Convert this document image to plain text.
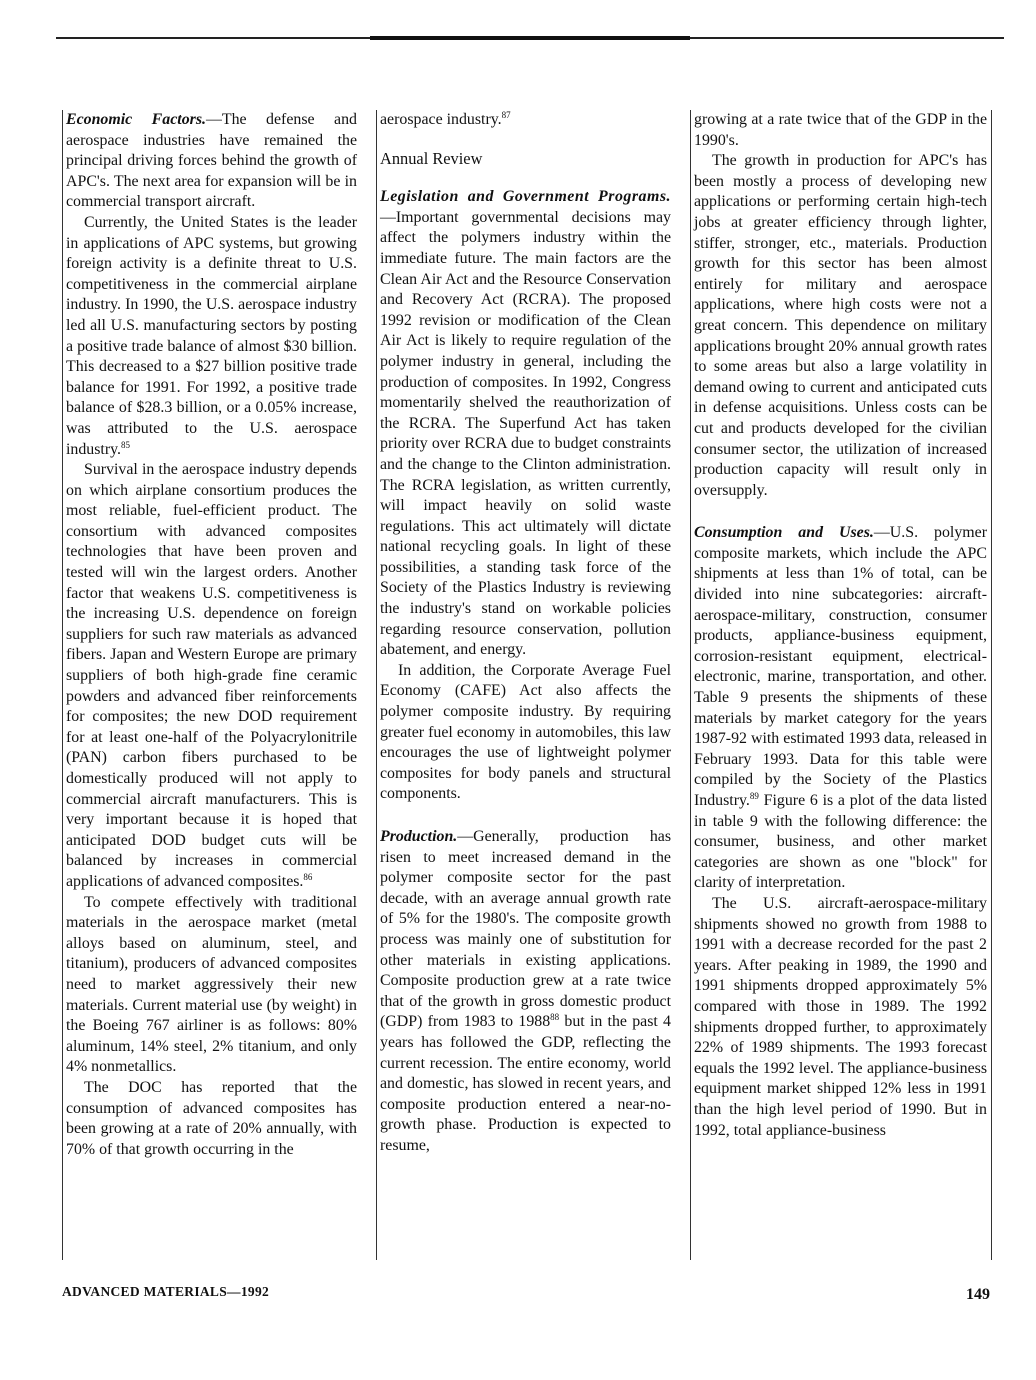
Economic Factors.—The defense and aerospace industries have remained the principal driving forces behind the growth of APC's. The next area for expansion will be in commercial transport aircraft.

Currently, the United States is the leader in applications of APC systems, but growing foreign activity is a definite threat to U.S. competitiveness in the commercial airplane industry. In 1990, the U.S. aerospace industry led all U.S. manufacturing sectors by posting a positive trade balance of almost $30 billion. This decreased to a $27 billion positive trade balance for 1991. For 1992, a positive trade balance of $28.3 billion, or a 0.05% increase, was attributed to the U.S. aerospace industry.$^{85}$

Survival in the aerospace industry depends on which airplane consortium produces the most reliable, fuel-efficient product. The consortium with advanced composites technologies that have been proven and tested will win the largest orders. Another factor that weakens U.S. competitiveness is the increasing U.S. dependence on foreign suppliers for such raw materials as advanced fibers. Japan and Western Europe are primary suppliers of both high-grade fine ceramic powders and advanced fiber reinforcements for composites; the new DOD requirement for at least one-half of the Polyacrylonitrile (PAN) carbon fibers purchased to be domestically produced will not apply to commercial aircraft manufacturers. This is very important because it is hoped that anticipated DOD budget cuts will be balanced by increases in commercial applications of advanced composites.$^{86}$

To compete effectively with traditional materials in the aerospace market (metal alloys based on aluminum, steel, and titanium), producers of advanced composites need to market aggressively their new materials. Current material use (by weight) in the Boeing 767 airliner is as follows: 80% aluminum, 14% steel, 2% titanium, and only 4% nonmetallics.

The DOC has reported that the consumption of advanced composites has been growing at a rate of 20% annually, with 70% of that growth occurring in the

aerospace industry.$^{87}$

Annual Review

Legislation and Government Programs.—Important governmental decisions may affect the polymers industry within the immediate future. The main factors are the Clean Air Act and the Resource Conservation and Recovery Act (RCRA). The proposed 1992 revision or modification of the Clean Air Act is likely to require regulation of the polymer industry in general, including the production of composites. In 1992, Congress momentarily shelved the reauthorization of the RCRA. The Superfund Act has taken priority over RCRA due to budget constraints and the change to the Clinton administration. The RCRA legislation, as written currently, will impact heavily on solid waste regulations. This act ultimately will dictate national recycling goals. In light of these possibilities, a standing task force of the Society of the Plastics Industry is reviewing the industry's stand on workable policies regarding resource conservation, pollution abatement, and energy.

In addition, the Corporate Average Fuel Economy (CAFE) Act also affects the polymer composite industry. By requiring greater fuel economy in automobiles, this law encourages the use of lightweight polymer composites for body panels and structural components.

Production.—Generally, production has risen to meet increased demand in the polymer composite sector for the past decade, with an average annual growth rate of 5% for the 1980's. The composite growth process was mainly one of substitution for other materials in existing applications. Composite production grew at a rate twice that of the growth in gross domestic product (GDP) from 1983 to 1988$^{88}$ but in the past 4 years has followed the GDP, reflecting the current recession. The entire economy, world and domestic, has slowed in recent years, and composite production entered a near-no-growth phase. Production is expected to resume,

growing at a rate twice that of the GDP in the 1990's.

The growth in production for APC's has been mostly a process of developing new applications or performing certain high-tech jobs at greater efficiency through lighter, stiffer, stronger, etc., materials. Production growth for this sector has been almost entirely for military and aerospace applications, where high costs were not a great concern. This dependence on military applications brought 20% annual growth rates to some areas but also a large volatility in demand owing to current and anticipated cuts in defense acquisitions. Unless costs can be cut and products developed for the civilian consumer sector, the utilization of increased production capacity will result only in oversupply.

Consumption and Uses.—U.S. polymer composite markets, which include the APC shipments at less than 1% of total, can be divided into nine subcategories: aircraft-aerospace-military, construction, consumer products, appliance-business equipment, corrosion-resistant equipment, electrical-electronic, marine, transportation, and other. Table 9 presents the shipments of these materials by market category for the years 1987-92 with estimated 1993 data, released in February 1993. Data for this table were compiled by the Society of the Plastics Industry.$^{89}$ Figure 6 is a plot of the data listed in table 9 with the following difference: the consumer, business, and other market categories are shown as one "block" for clarity of interpretation.

The U.S. aircraft-aerospace-military shipments showed no growth from 1988 to 1991 with a decrease recorded for the past 2 years. After peaking in 1989, the 1990 and 1991 shipments dropped approximately 5% compared with those in 1989. The 1992 shipments dropped further, to approximately 22% of 1989 shipments. The 1993 forecast equals the 1992 level. The appliance-business equipment market shipped 12% less in 1991 than the high level period of 1990. But in 1992, total appliance-business

ADVANCED MATERIALS—1992	149
